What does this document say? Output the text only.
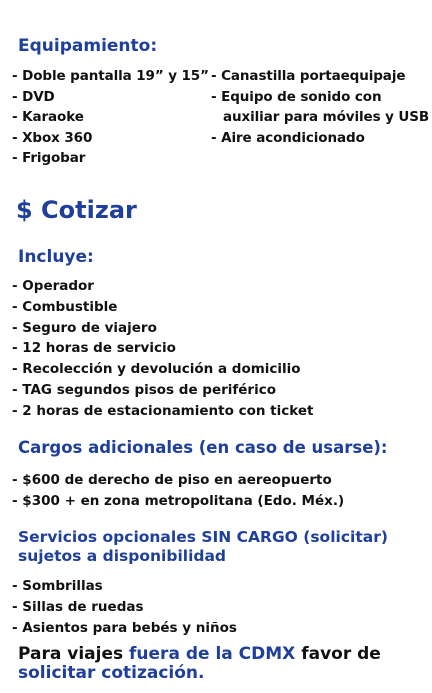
Equipamiento:
- Doble pantalla 19” y 15”
- DVD
- Karaoke
- Xbox 360
- Frigobar
- Canastilla portaequipaje
- Equipo de sonido con
auxiliar para móviles y USB
- Aire acondicionado
$ Cotizar
Incluye:
- Operador
- Combustible
- Seguro de viajero
- 12 horas de servicio
- Recolección y devolución a domicilio
- TAG segundos pisos de periférico
- 2 horas de estacionamiento con ticket
Cargos adicionales (en caso de usarse):
- $600 de derecho de piso en aereopuerto
- $300 + en zona metropolitana (Edo. Méx.)
Servicios opcionales SIN CARGO (solicitar)
sujetos a disponibilidad
- Sombrillas
- Sillas de ruedas
- Asientos para bebés y niños
Para viajes fuera de la CDMX favor de
solicitar cotización.
